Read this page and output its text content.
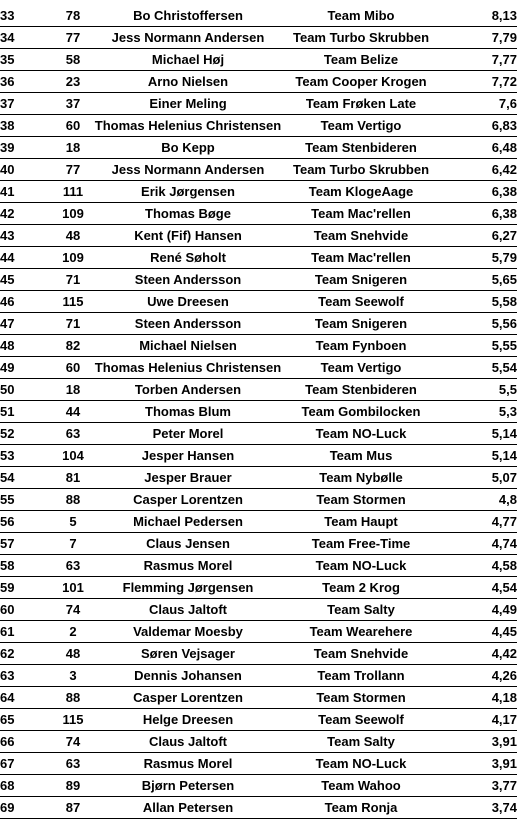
33	78	Bo Christoffersen	Team Mibo	8,13
34	77	Jess Normann Andersen	Team Turbo Skrubben	7,79
35	58	Michael Høj	Team Belize	7,77
36	23	Arno Nielsen	Team Cooper Krogen	7,72
37	37	Einer Meling	Team Frøken Late	7,6
38	60	Thomas Helenius Christensen	Team Vertigo	6,83
39	18	Bo Kepp	Team Stenbideren	6,48
40	77	Jess Normann Andersen	Team Turbo Skrubben	6,42
41	111	Erik Jørgensen	Team KlogeAage	6,38
42	109	Thomas Bøge	Team Mac'rellen	6,38
43	48	Kent (Fif) Hansen	Team Snehvide	6,27
44	109	René Søholt	Team Mac'rellen	5,79
45	71	Steen Andersson	Team Snigeren	5,65
46	115	Uwe Dreesen	Team Seewolf	5,58
47	71	Steen Andersson	Team Snigeren	5,56
48	82	Michael Nielsen	Team Fynboen	5,55
49	60	Thomas Helenius Christensen	Team Vertigo	5,54
50	18	Torben Andersen	Team Stenbideren	5,5
51	44	Thomas Blum	Team Gombilocken	5,3
52	63	Peter Morel	Team NO-Luck	5,14
53	104	Jesper Hansen	Team Mus	5,14
54	81	Jesper Brauer	Team Nybølle	5,07
55	88	Casper Lorentzen	Team Stormen	4,8
56	5	Michael Pedersen	Team Haupt	4,77
57	7	Claus Jensen	Team Free-Time	4,74
58	63	Rasmus Morel	Team NO-Luck	4,58
59	101	Flemming Jørgensen	Team 2 Krog	4,54
60	74	Claus Jaltoft	Team Salty	4,49
61	2	Valdemar Moesby	Team Wearehere	4,45
62	48	Søren Vejsager	Team Snehvide	4,42
63	3	Dennis Johansen	Team Trollann	4,26
64	88	Casper Lorentzen	Team Stormen	4,18
65	115	Helge Dreesen	Team Seewolf	4,17
66	74	Claus Jaltoft	Team Salty	3,91
67	63	Rasmus Morel	Team NO-Luck	3,91
68	89	Bjørn Petersen	Team Wahoo	3,77
69	87	Allan Petersen	Team Ronja	3,74
